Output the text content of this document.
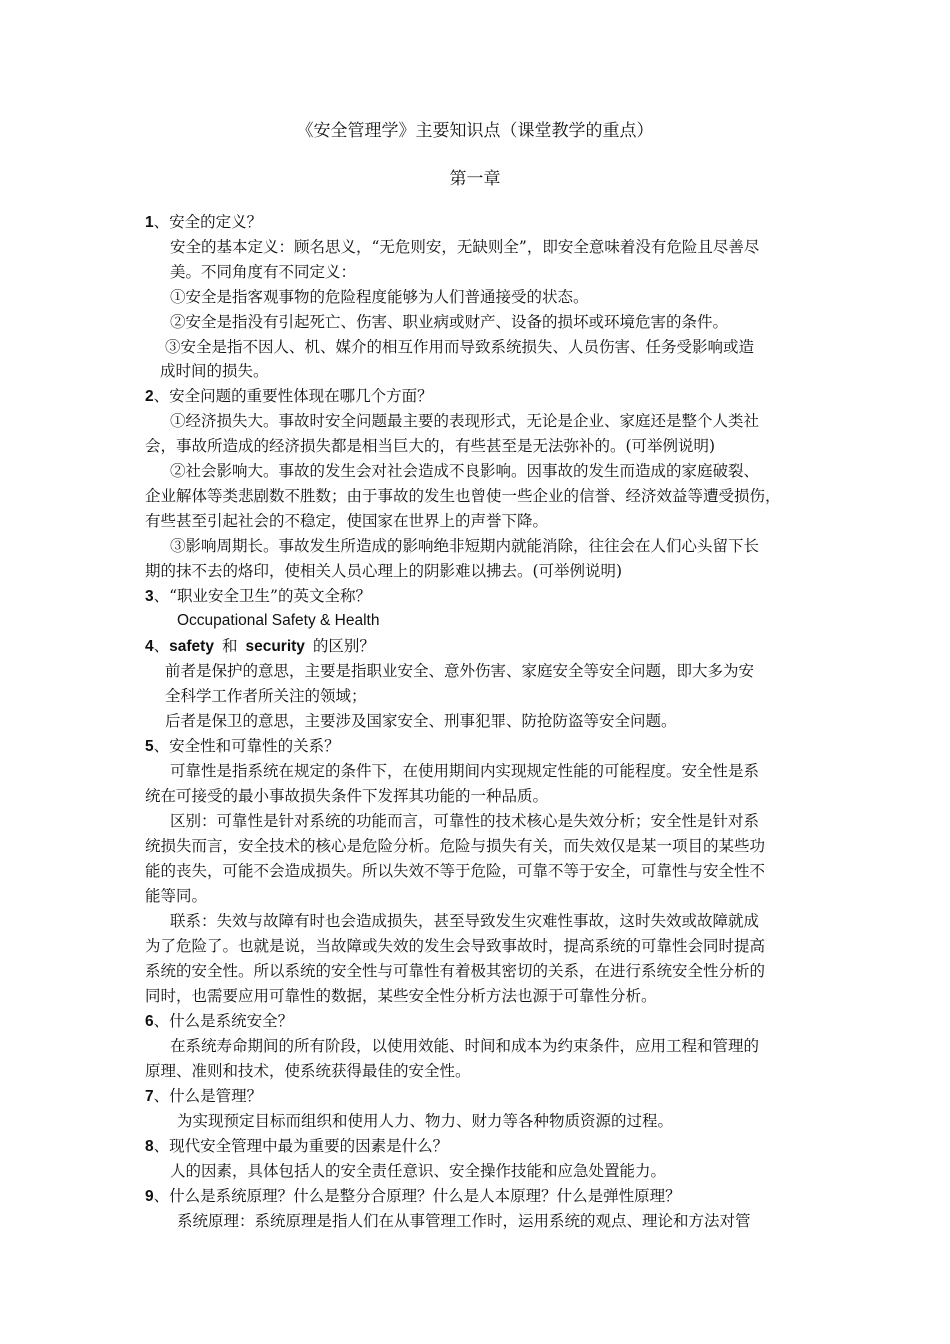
《安全管理学》主要知识点（课堂教学的重点）
第一章
1、安全的定义？
安全的基本定义：顾名思义，“无危则安，无缺则全”，即安全意味着没有危险且尽善尽
美。不同角度有不同定义：
①安全是指客观事物的危险程度能够为人们普通接受的状态。
②安全是指没有引起死亡、伤害、职业病或财产、设备的损坏或环境危害的条件。
③安全是指不因人、机、媒介的相互作用而导致系统损失、人员伤害、任务受影响或造
成时间的损失。
2、安全问题的重要性体现在哪几个方面？
①经济损失大。事故时安全问题最主要的表现形式，无论是企业、家庭还是整个人类社
会，事故所造成的经济损失都是相当巨大的，有些甚至是无法弥补的。(可举例说明)
②社会影响大。事故的发生会对社会造成不良影响。因事故的发生而造成的家庭破裂、
企业解体等类悲剧数不胜数；由于事故的发生也曾使一些企业的信誉、经济效益等遭受损伤，
有些甚至引起社会的不稳定，使国家在世界上的声誉下降。
③影响周期长。事故发生所造成的影响绝非短期内就能消除，往往会在人们心头留下长
期的抹不去的烙印，使相关人员心理上的阴影难以拂去。(可举例说明)
3、“职业安全卫生”的英文全称？
Occupational Safety & Health
4、safety 和 security 的区别？
前者是保护的意思，主要是指职业安全、意外伤害、家庭安全等安全问题，即大多为安
全科学工作者所关注的领域；
后者是保卫的意思，主要涉及国家安全、刑事犯罪、防抢防盗等安全问题。
5、安全性和可靠性的关系？
可靠性是指系统在规定的条件下，在使用期间内实现规定性能的可能程度。安全性是系
统在可接受的最小事故损失条件下发挥其功能的一种品质。
区别：可靠性是针对系统的功能而言，可靠性的技术核心是失效分析；安全性是针对系
统损失而言，安全技术的核心是危险分析。危险与损失有关，而失效仅是某一项目的某些功
能的丧失，可能不会造成损失。所以失效不等于危险，可靠不等于安全，可靠性与安全性不
能等同。
联系：失效与故障有时也会造成损失，甚至导致发生灾难性事故，这时失效或故障就成
为了危险了。也就是说，当故障或失效的发生会导致事故时，提高系统的可靠性会同时提高
系统的安全性。所以系统的安全性与可靠性有着极其密切的关系，在进行系统安全性分析的
同时，也需要应用可靠性的数据，某些安全性分析方法也源于可靠性分析。
6、什么是系统安全？
在系统寿命期间的所有阶段，以使用效能、时间和成本为约束条件，应用工程和管理的
原理、准则和技术，使系统获得最佳的安全性。
7、什么是管理？
为实现预定目标而组织和使用人力、物力、财力等各种物质资源的过程。
8、现代安全管理中最为重要的因素是什么？
人的因素，具体包括人的安全责任意识、安全操作技能和应急处置能力。
9、什么是系统原理？什么是整分合原理？什么是人本原理？什么是弹性原理？
系统原理：系统原理是指人们在从事管理工作时，运用系统的观点、理论和方法对管
